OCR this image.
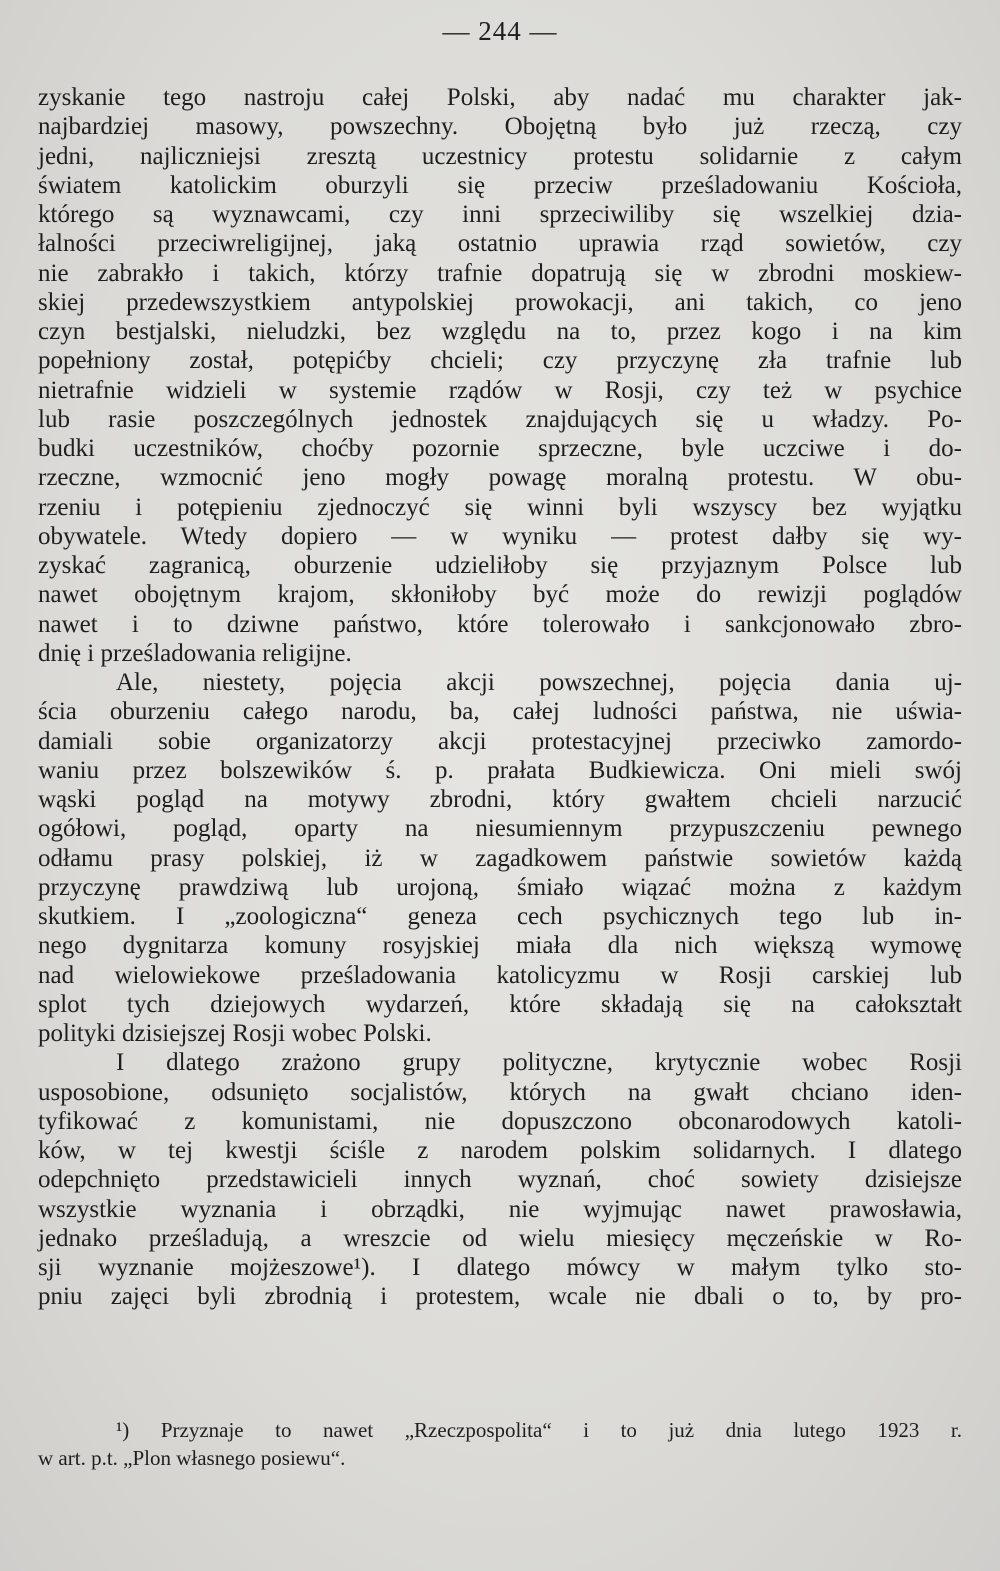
— 244 —
zyskanie tego nastroju całej Polski, aby nadać mu charakter jak-
najbardziej masowy, powszechny. Obojętną było już rzeczą, czy
jedni, najliczniejsi zresztą uczestnicy protestu solidarnie z całym
światem katolickim oburzyli się przeciw prześladowaniu Kościoła,
którego są wyznawcami, czy inni sprzeciwiliby się wszelkiej dzia-
łalności przeciwreligijnej, jaką ostatnio uprawia rząd sowietów, czy
nie zabrakło i takich, którzy trafnie dopatrują się w zbrodni moskiew-
skiej przedewszystkiem antypolskiej prowokacji, ani takich, co jeno
czyn bestjalski, nieludzki, bez względu na to, przez kogo i na kim
popełniony został, potępićby chcieli; czy przyczynę zła trafnie lub
nietrafnie widzieli w systemie rządów w Rosji, czy też w psychice
lub rasie poszczególnych jednostek znajdujących się u władzy. Po-
budki uczestników, choćby pozornie sprzeczne, byle uczciwe i do-
rzeczne, wzmocnić jeno mogły powagę moralną protestu. W obu-
rzeniu i potępieniu zjednoczyć się winni byli wszyscy bez wyjątku
obywatele. Wtedy dopiero — w wyniku — protest dałby się wy-
zyskać zagranicą, oburzenie udzieliłoby się przyjaznym Polsce lub
nawet obojętnym krajom, skłoniłoby być może do rewizji poglądów
nawet i to dziwne państwo, które tolerowało i sankcjonowało zbro-
dnię i prześladowania religijne.
Ale, niestety, pojęcia akcji powszechnej, pojęcia dania uj-
ścia oburzeniu całego narodu, ba, całej ludności państwa, nie uświa-
damiali sobie organizatorzy akcji protestacyjnej przeciwko zamordo-
waniu przez bolszewików ś. p. prałata Budkiewicza. Oni mieli swój
wąski pogląd na motywy zbrodni, który gwałtem chcieli narzucić
ogółowi, pogląd, oparty na niesumiennym przypuszczeniu pewnego
odłamu prasy polskiej, iż w zagadkowem państwie sowietów każdą
przyczynę prawdziwą lub urojoną, śmiało wiązać można z każdym
skutkiem. I „zoologiczna“ geneza cech psychicznych tego lub in-
nego dygnitarza komuny rosyjskiej miała dla nich większą wymowę
nad wielowiekowe prześladowania katolicyzmu w Rosji carskiej lub
splot tych dziejowych wydarzeń, które składają się na całokształt
polityki dzisiejszej Rosji wobec Polski.
I dlatego zrażono grupy polityczne, krytycznie wobec Rosji
usposobione, odsunięto socjalistów, których na gwałt chciano iden-
tyfikować z komunistami, nie dopuszczono obconarodowych katoli-
ków, w tej kwestji ściśle z narodem polskim solidarnych. I dlatego
odepchnięto przedstawicieli innych wyznań, choć sowiety dzisiejsze
wszystkie wyznania i obrządki, nie wyjmując nawet prawosławia,
jednako prześladują, a wreszcie od wielu miesięcy męczeńskie w Ro-
sji wyznanie mojżeszowe¹). I dlatego mówcy w małym tylko sto-
pniu zajęci byli zbrodnią i protestem, wcale nie dbali o to, by pro-
¹) Przyznaje to nawet „Rzeczpospolita“ i to już dnia lutego 1923 r.
w art. p.t. „Plon własnego posiewu“.
